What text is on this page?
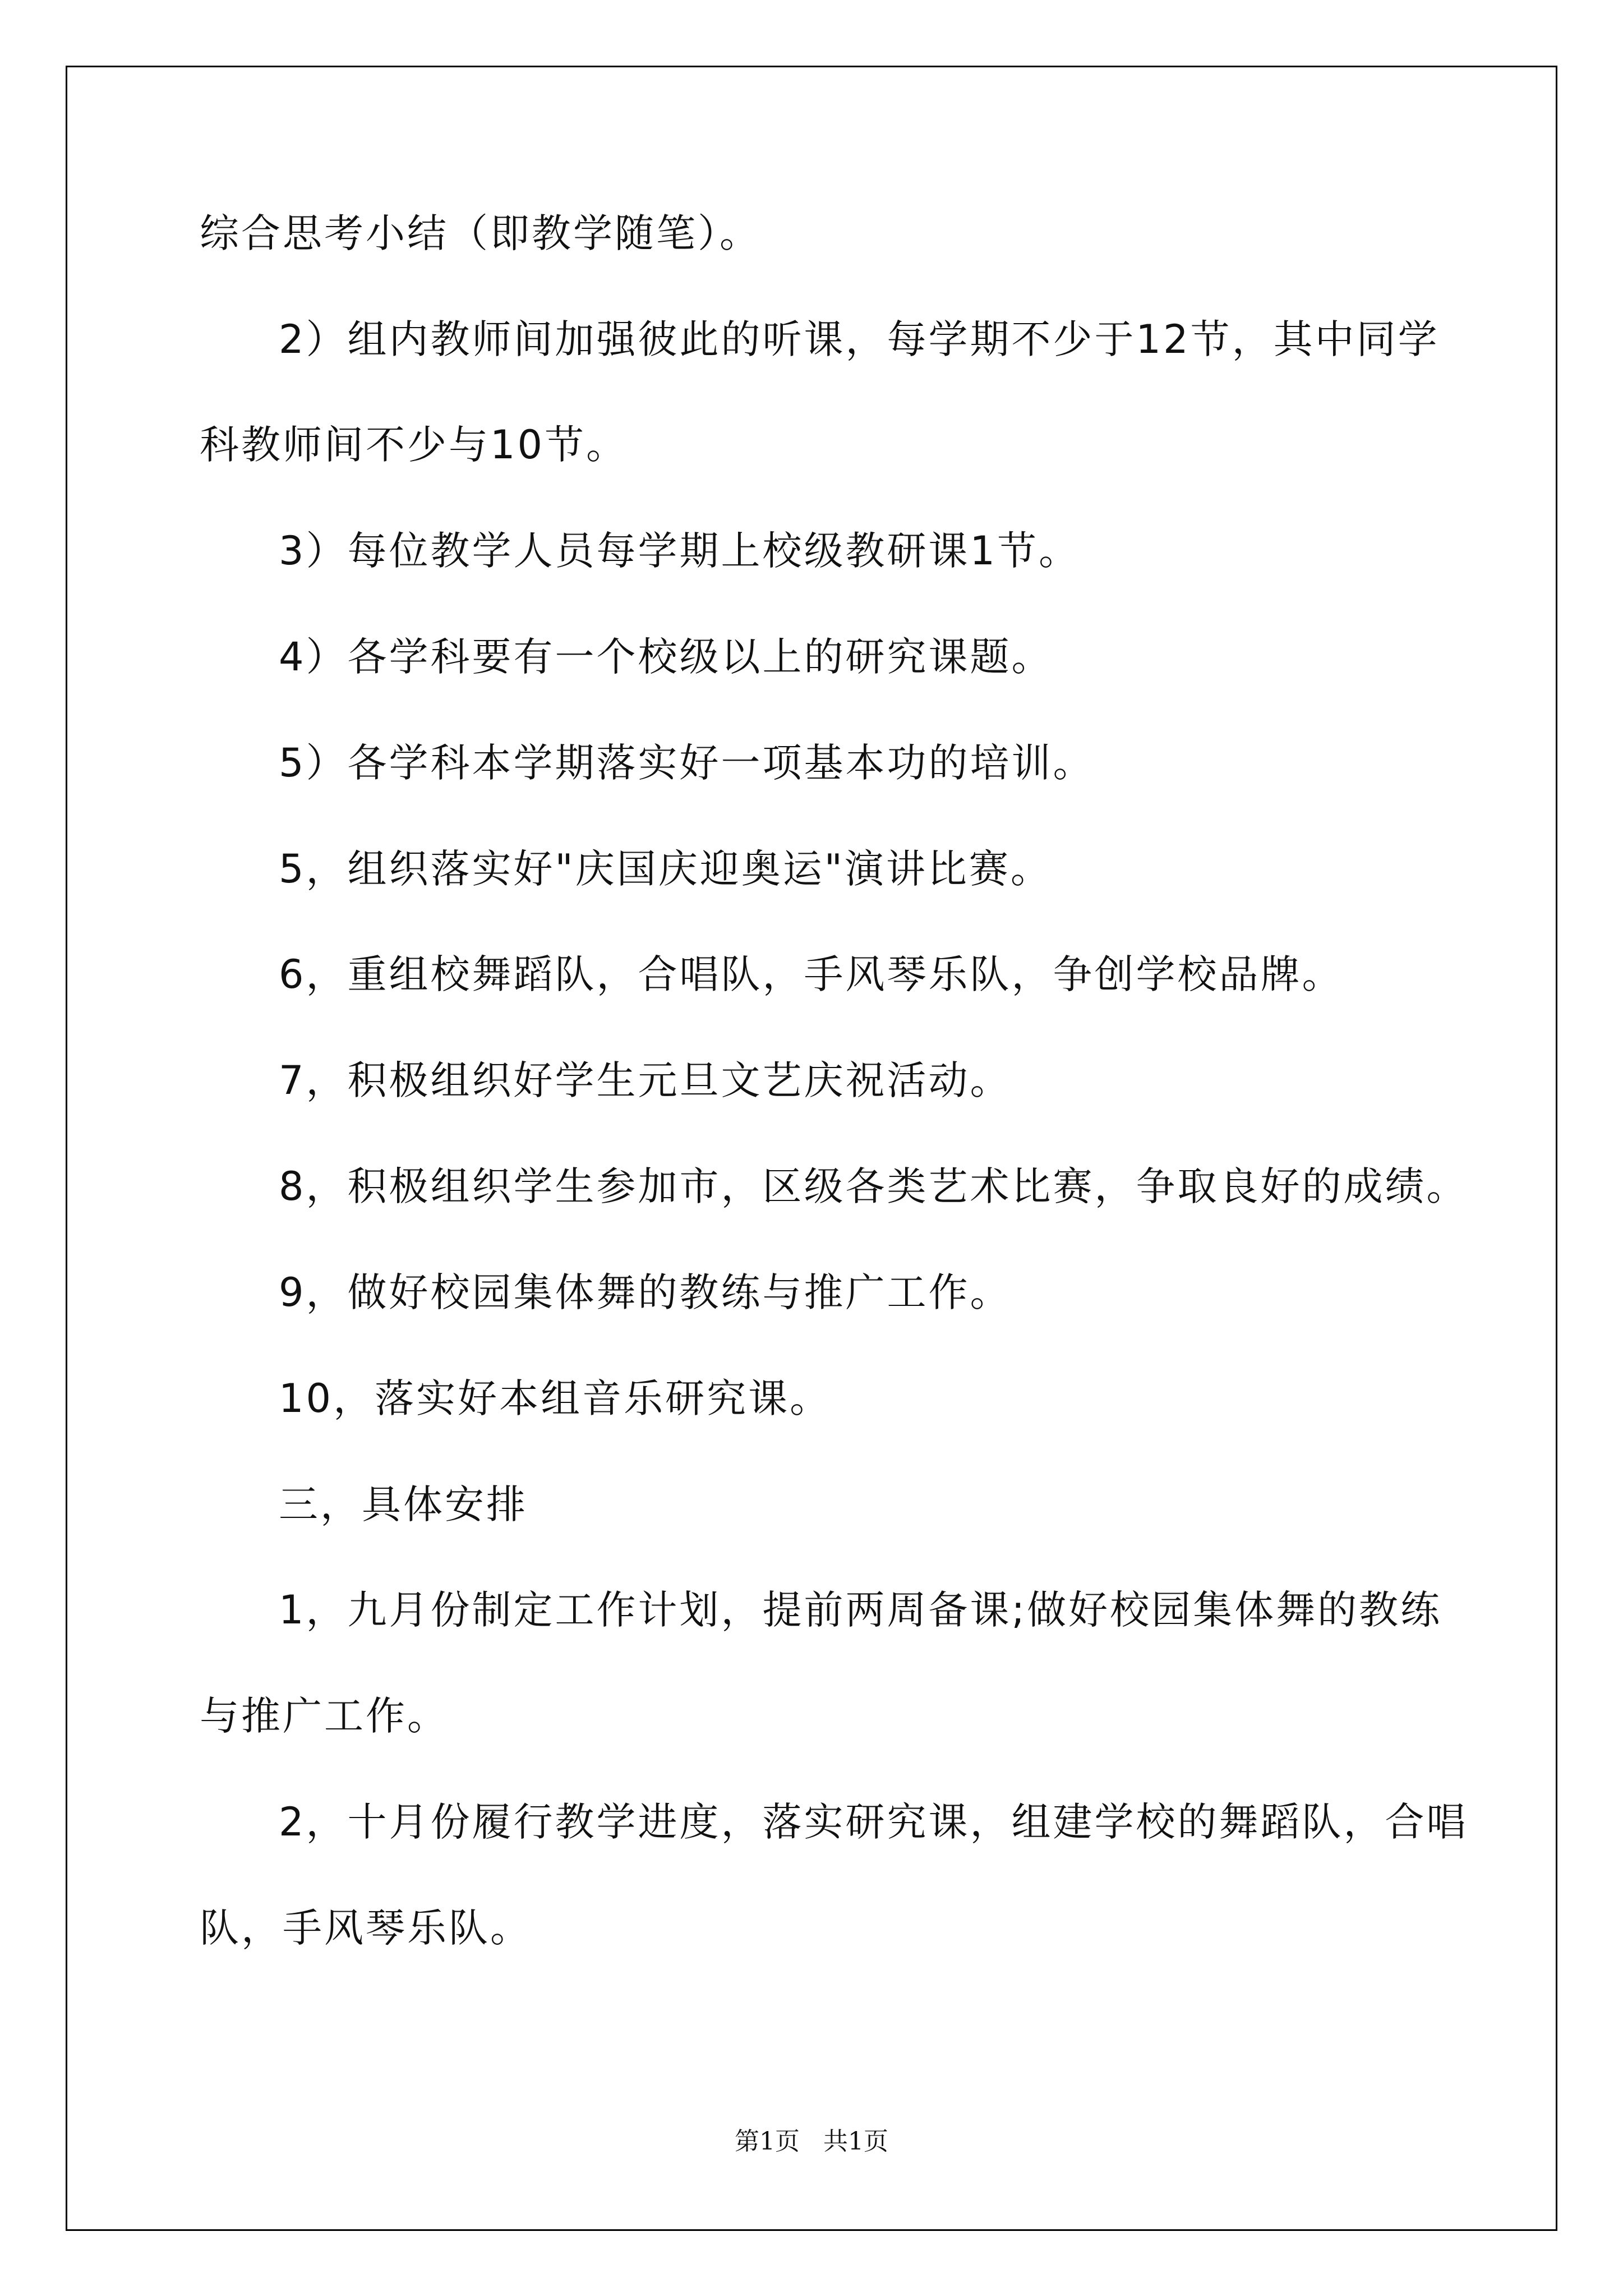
综合思考小结（即教学随笔）。

2）组内教师间加强彼此的听课，每学期不少于12节，其中同学

科教师间不少与10节。

3）每位教学人员每学期上校级教研课1节。

4）各学科要有一个校级以上的研究课题。

5）各学科本学期落实好一项基本功的培训。

5，组织落实好"庆国庆迎奥运"演讲比赛。

6，重组校舞蹈队，合唱队，手风琴乐队，争创学校品牌。

7，积极组织好学生元旦文艺庆祝活动。

8，积极组织学生参加市，区级各类艺术比赛，争取良好的成绩。

9，做好校园集体舞的教练与推广工作。

10，落实好本组音乐研究课。

三，具体安排

1，九月份制定工作计划，提前两周备课;做好校园集体舞的教练

与推广工作。

2，十月份履行教学进度，落实研究课，组建学校的舞蹈队，合唱

队，手风琴乐队。

第1页   共1页
